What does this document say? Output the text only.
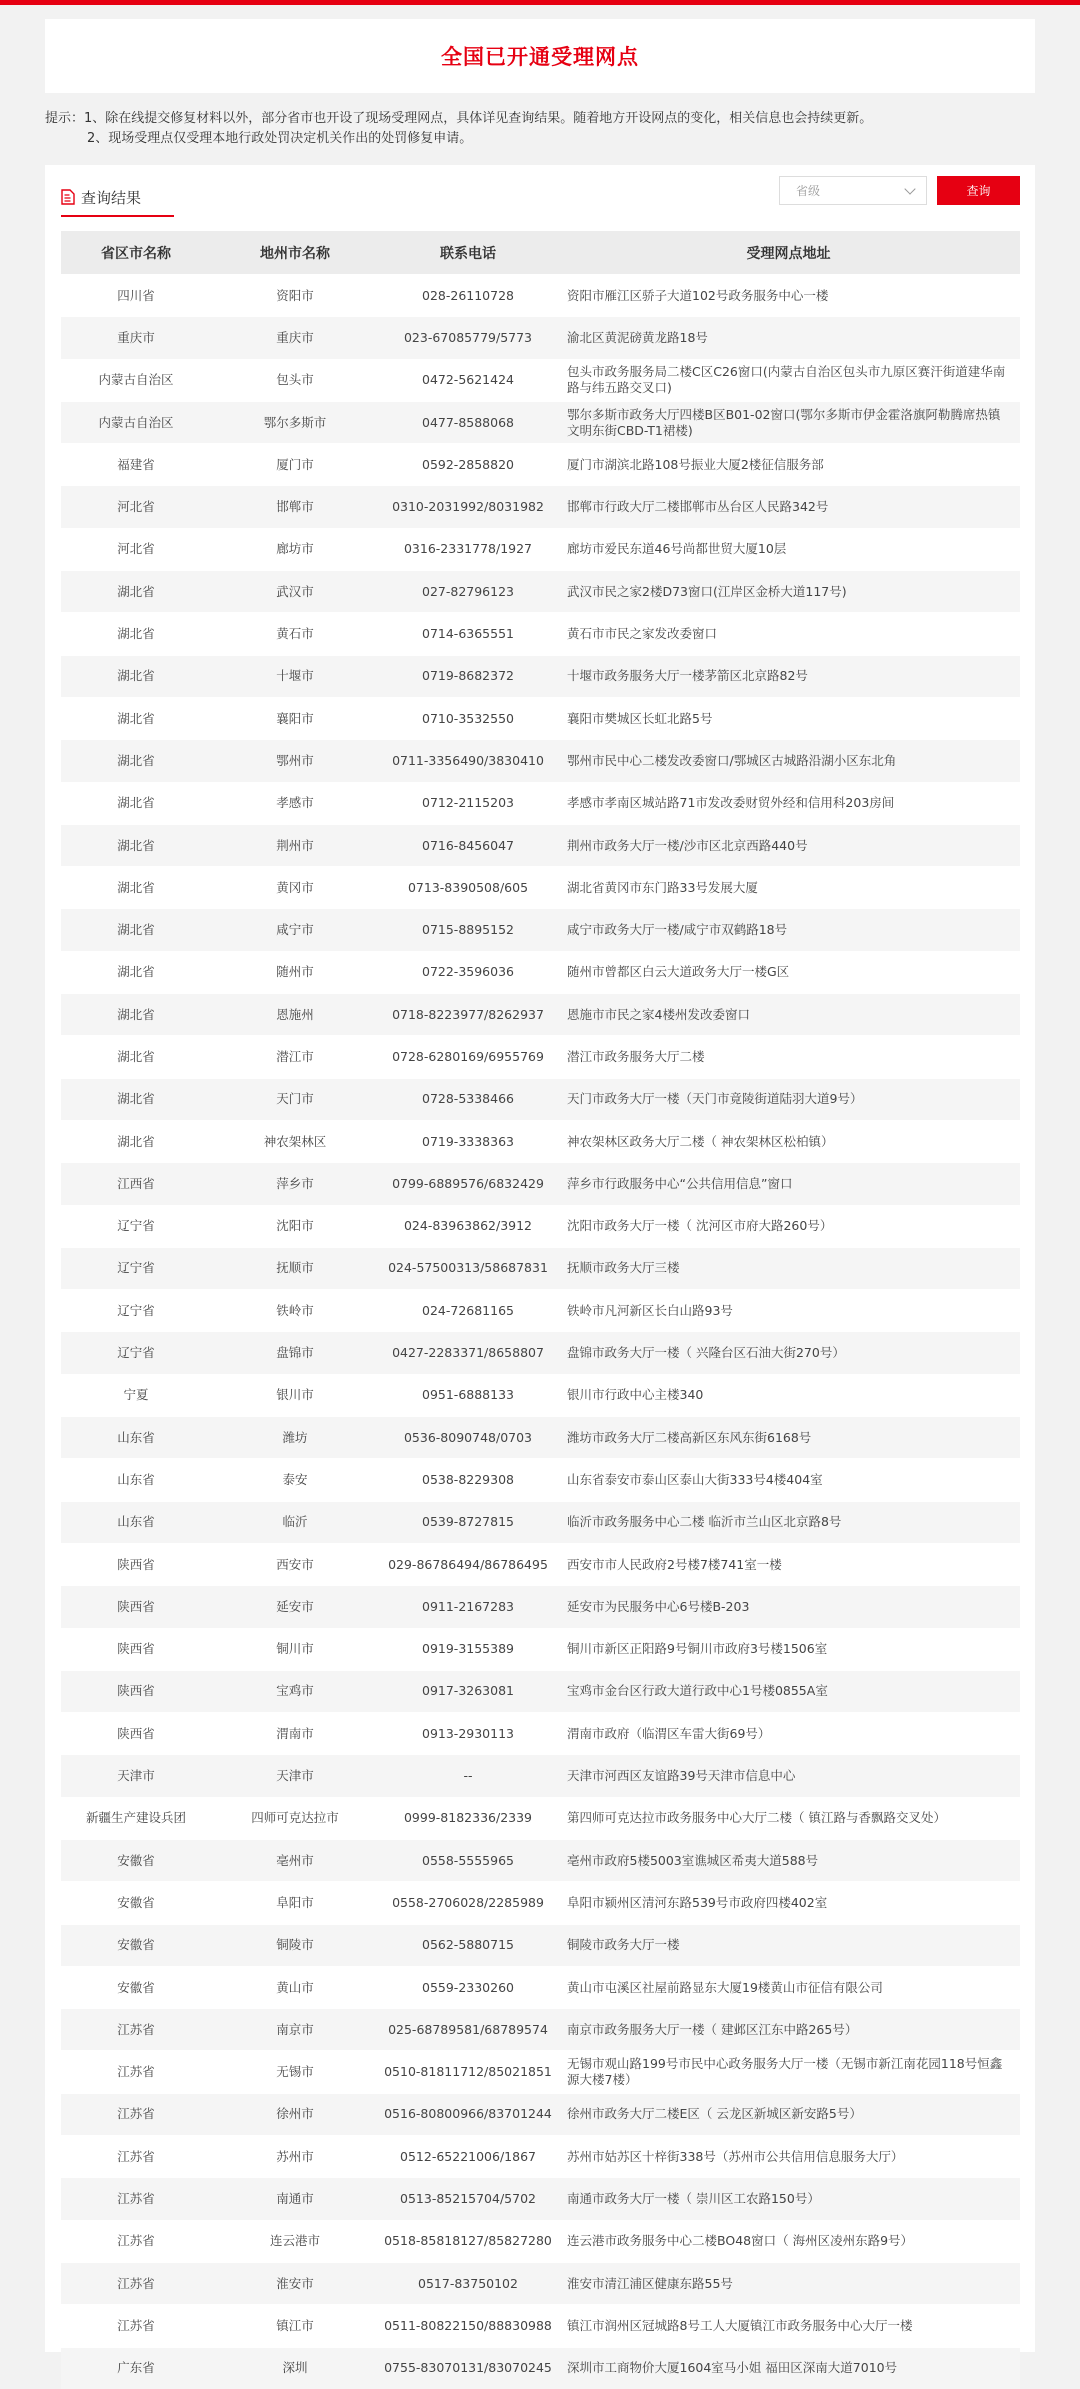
全国已开通受理网点
提示：1、除在线提交修复材料以外，部分省市也开设了现场受理网点，具体详见查询结果。随着地方开设网点的变化，相关信息也会持续更新。
2、现场受理点仅受理本地行政处罚决定机关作出的处罚修复申请。
查询结果	省级	查询
省区市名称	地州市名称	联系电话	受理网点地址
四川省	资阳市	028-26110728	资阳市雁江区骄子大道102号政务服务中心一楼
重庆市	重庆市	023-67085779/5773	渝北区黄泥磅黄龙路18号
内蒙古自治区	包头市	0472-5621424	包头市政务服务局二楼C区C26窗口(内蒙古自治区包头市九原区赛汗街道建华南路与纬五路交叉口)
内蒙古自治区	鄂尔多斯市	0477-8588068	鄂尔多斯市政务大厅四楼B区B01-02窗口(鄂尔多斯市伊金霍洛旗阿勒腾席热镇文明东街CBD-T1裙楼)
福建省	厦门市	0592-2858820	厦门市湖滨北路108号振业大厦2楼征信服务部
河北省	邯郸市	0310-2031992/8031982	邯郸市行政大厅二楼邯郸市丛台区人民路342号
河北省	廊坊市	0316-2331778/1927	廊坊市爱民东道46号尚都世贸大厦10层
湖北省	武汉市	027-82796123	武汉市民之家2楼D73窗口(江岸区金桥大道117号)
湖北省	黄石市	0714-6365551	黄石市市民之家发改委窗口
湖北省	十堰市	0719-8682372	十堰市政务服务大厅一楼茅箭区北京路82号
湖北省	襄阳市	0710-3532550	襄阳市樊城区长虹北路5号
湖北省	鄂州市	0711-3356490/3830410	鄂州市民中心二楼发改委窗口/鄂城区古城路沿湖小区东北角
湖北省	孝感市	0712-2115203	孝感市孝南区城站路71市发改委财贸外经和信用科203房间
湖北省	荆州市	0716-8456047	荆州市政务大厅一楼/沙市区北京西路440号
湖北省	黄冈市	0713-8390508/605	湖北省黄冈市东门路33号发展大厦
湖北省	咸宁市	0715-8895152	咸宁市政务大厅一楼/咸宁市双鹤路18号
湖北省	随州市	0722-3596036	随州市曾都区白云大道政务大厅一楼G区
湖北省	恩施州	0718-8223977/8262937	恩施市市民之家4楼州发改委窗口
湖北省	潜江市	0728-6280169/6955769	潜江市政务服务大厅二楼
湖北省	天门市	0728-5338466	天门市政务大厅一楼（天门市竟陵街道陆羽大道9号）
湖北省	神农架林区	0719-3338363	神农架林区政务大厅二楼（ 神农架林区松柏镇）
江西省	萍乡市	0799-6889576/6832429	萍乡市行政服务中心“公共信用信息”窗口
辽宁省	沈阳市	024-83963862/3912	沈阳市政务大厅一楼（ 沈河区市府大路260号）
辽宁省	抚顺市	024-57500313/58687831	抚顺市政务大厅三楼
辽宁省	铁岭市	024-72681165	铁岭市凡河新区长白山路93号
辽宁省	盘锦市	0427-2283371/8658807	盘锦市政务大厅一楼（ 兴隆台区石油大街270号）
宁夏	银川市	0951-6888133	银川市行政中心主楼340
山东省	潍坊	0536-8090748/0703	潍坊市政务大厅二楼高新区东风东街6168号
山东省	泰安	0538-8229308	山东省泰安市泰山区泰山大街333号4楼404室
山东省	临沂	0539-8727815	临沂市政务服务中心二楼 临沂市兰山区北京路8号
陕西省	西安市	029-86786494/86786495	西安市市人民政府2号楼7楼741室一楼
陕西省	延安市	0911-2167283	延安市为民服务中心6号楼B-203
陕西省	铜川市	0919-3155389	铜川市新区正阳路9号铜川市政府3号楼1506室
陕西省	宝鸡市	0917-3263081	宝鸡市金台区行政大道行政中心1号楼0855A室
陕西省	渭南市	0913-2930113	渭南市政府（临渭区车雷大街69号）
天津市	天津市	--	天津市河西区友谊路39号天津市信息中心
新疆生产建设兵团	四师可克达拉市	0999-8182336/2339	第四师可克达拉市政务服务中心大厅二楼（ 镇江路与香飘路交叉处）
安徽省	亳州市	0558-5555965	亳州市政府5楼5003室谯城区希夷大道588号
安徽省	阜阳市	0558-2706028/2285989	阜阳市颍州区清河东路539号市政府四楼402室
安徽省	铜陵市	0562-5880715	铜陵市政务大厅一楼
安徽省	黄山市	0559-2330260	黄山市屯溪区社屋前路显东大厦19楼黄山市征信有限公司
江苏省	南京市	025-68789581/68789574	南京市政务服务大厅一楼（ 建邺区江东中路265号）
江苏省	无锡市	0510-81811712/85021851	无锡市观山路199号市民中心政务服务大厅一楼（无锡市新江南花园118号恒鑫源大楼7楼）
江苏省	徐州市	0516-80800966/83701244	徐州市政务大厅二楼E区（ 云龙区新城区新安路5号）
江苏省	苏州市	0512-65221006/1867	苏州市姑苏区十梓街338号（苏州市公共信用信息服务大厅）
江苏省	南通市	0513-85215704/5702	南通市政务大厅一楼（ 崇川区工农路150号）
江苏省	连云港市	0518-85818127/85827280	连云港市政务服务中心二楼BO48窗口（ 海州区凌州东路9号）
江苏省	淮安市	0517-83750102	淮安市清江浦区健康东路55号
江苏省	镇江市	0511-80822150/88830988	镇江市润州区冠城路8号工人大厦镇江市政务服务中心大厅一楼
广东省	深圳	0755-83070131/83070245	深圳市工商物价大厦1604室马小姐 福田区深南大道7010号
